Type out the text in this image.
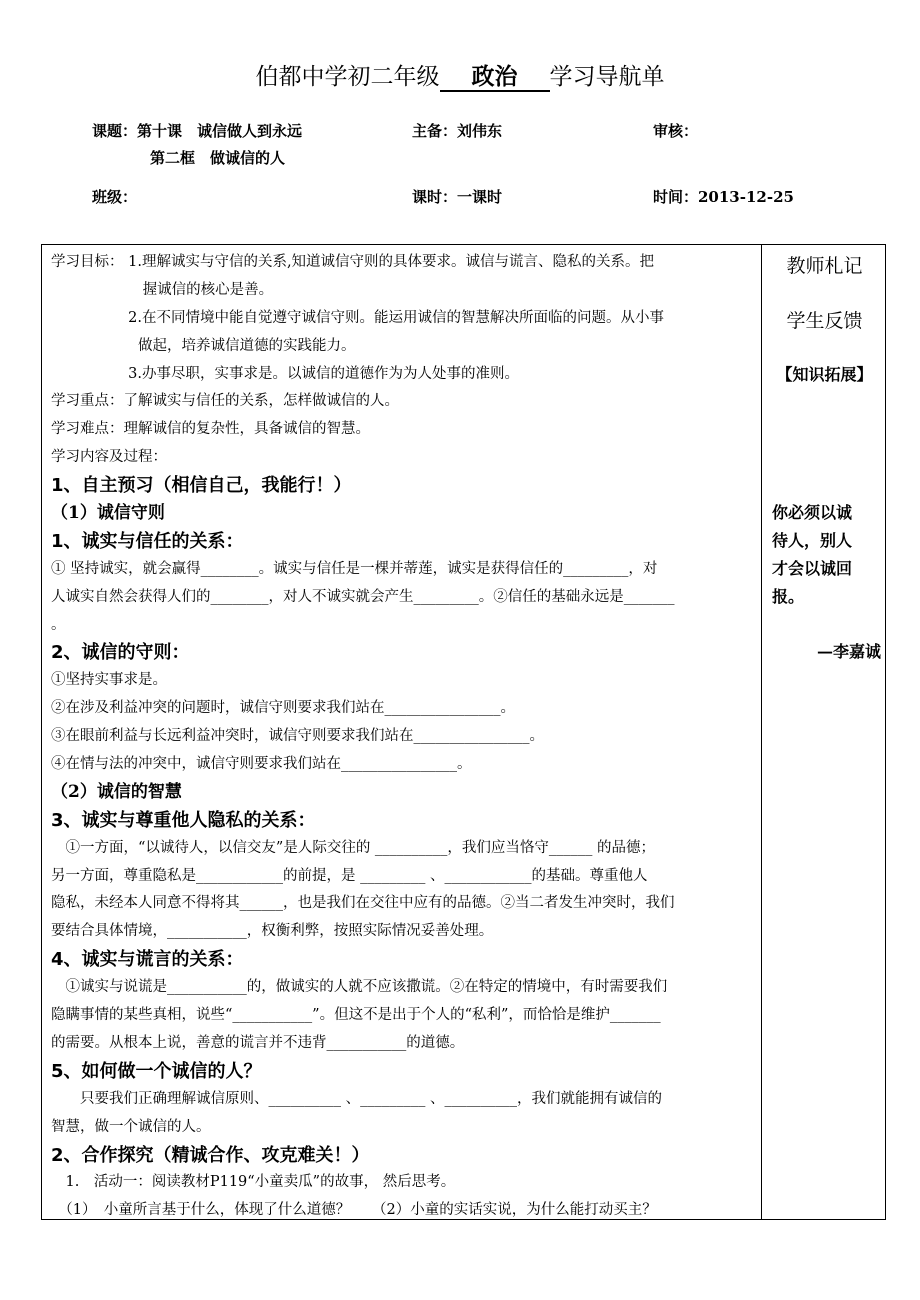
伯都中学初二年级 政治 学习导航单
课题：第十课　诚信做人到永远
第二框　做诚信的人
主备：刘伟东	审核：
班级：	课时：一课时	时间：2013-12-25
学习目标： 1.理解诚实与守信的关系,知道诚信守则的具体要求。诚信与谎言、隐私的关系。把
　　　　　　 握诚信的核心是善。
　　　　　 2.在不同情境中能自觉遵守诚信守则。能运用诚信的智慧解决所面临的问题。从小事
　　　　　　做起，培养诚信道德的实践能力。
　　　　　 3.办事尽职，实事求是。以诚信的道德作为为人处事的准则。
学习重点：了解诚实与信任的关系，怎样做诚信的人。
学习难点：理解诚信的复杂性，具备诚信的智慧。
学习内容及过程：
1、自主预习（相信自己，我能行！）
（1）诚信守则
1、诚实与信任的关系：
① 坚持诚实，就会赢得________。诚实与信任是一棵并蒂莲，诚实是获得信任的_________，对
人诚实自然会获得人们的________，对人不诚实就会产生_________。②信任的基础永远是_______
。
2、诚信的守则：
①坚持实事求是。
②在涉及利益冲突的问题时，诚信守则要求我们站在________________。
③在眼前利益与长远利益冲突时，诚信守则要求我们站在________________。
④在情与法的冲突中，诚信守则要求我们站在________________。
（2）诚信的智慧
3、诚实与尊重他人隐私的关系：
　①一方面，“以诚待人，以信交友”是人际交往的 __________，我们应当恪守______ 的品德；
另一方面，尊重隐私是____________的前提，是 _________ 、____________的基础。尊重他人
隐私，未经本人同意不得将其______，也是我们在交往中应有的品德。②当二者发生冲突时，我们
要结合具体情境，___________，权衡利弊，按照实际情况妥善处理。
4、诚实与谎言的关系：
　①诚实与说谎是___________的，做诚实的人就不应该撒谎。②在特定的情境中，有时需要我们
隐瞒事情的某些真相，说些“___________”。但这不是出于个人的“私利”，而恰恰是维护_______
的需要。从根本上说，善意的谎言并不违背___________的道德。
5、如何做一个诚信的人？
　　只要我们正确理解诚信原则、__________ 、_________ 、__________，我们就能拥有诚信的
智慧，做一个诚信的人。
2、合作探究（精诚合作、攻克难关！）
　1.　活动一：阅读教材P119“小童卖瓜”的故事， 然后思考。
　（1）　小童所言基于什么，体现了什么道德？　　（2）小童的实话实说，为什么能打动买主？
教师札记
学生反馈
【知识拓展】
你必须以诚
待人，别人
才会以诚回
报。
—李嘉诚
